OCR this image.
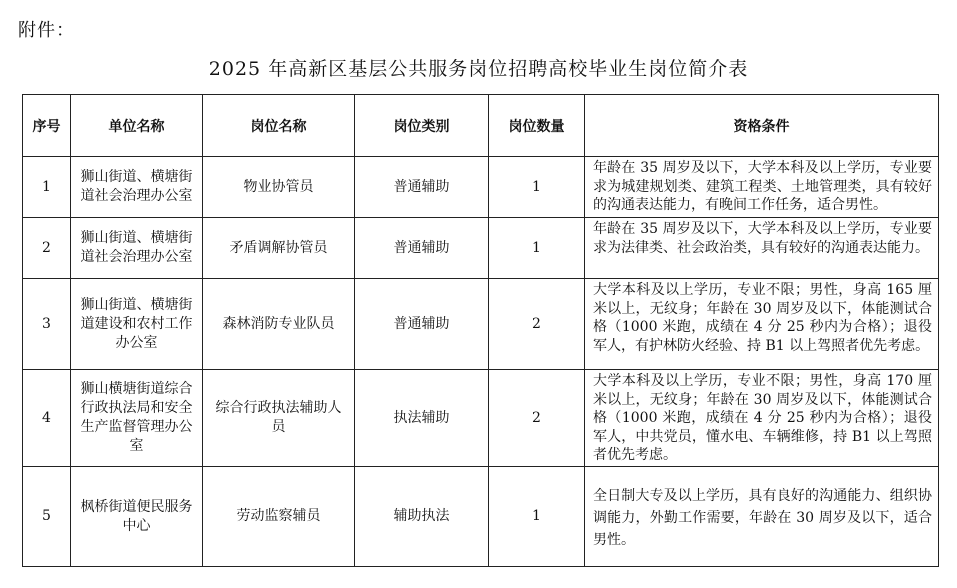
附件：
2025 年高新区基层公共服务岗位招聘高校毕业生岗位简介表
序号	单位名称	岗位名称	岗位类别	岗位数量	资格条件
1	狮山街道、横塘街道社会治理办公室	物业协管员	普通辅助	1	年龄在 35 周岁及以下，大学本科及以上学历，专业要求为城建规划类、建筑工程类、土地管理类，具有较好的沟通表达能力，有晚间工作任务，适合男性。
2	狮山街道、横塘街道社会治理办公室	矛盾调解协管员	普通辅助	1	年龄在 35 周岁及以下，大学本科及以上学历，专业要求为法律类、社会政治类，具有较好的沟通表达能力。
3	狮山街道、横塘街道建设和农村工作办公室	森林消防专业队员	普通辅助	2	大学本科及以上学历，专业不限；男性，身高 165 厘米以上，无纹身；年龄在 30 周岁及以下，体能测试合格（1000 米跑，成绩在 4 分 25 秒内为合格）；退役军人，有护林防火经验、持 B1 以上驾照者优先考虑。
4	狮山横塘街道综合行政执法局和安全生产监督管理办公室	综合行政执法辅助人员	执法辅助	2	大学本科及以上学历，专业不限；男性，身高 170 厘米以上，无纹身；年龄在 30 周岁及以下，体能测试合格（1000 米跑，成绩在 4 分 25 秒内为合格）；退役军人，中共党员，懂水电、车辆维修，持 B1 以上驾照者优先考虑。
5	枫桥街道便民服务中心	劳动监察辅员	辅助执法	1	全日制大专及以上学历，具有良好的沟通能力、组织协调能力，外勤工作需要，年龄在 30 周岁及以下，适合男性。
